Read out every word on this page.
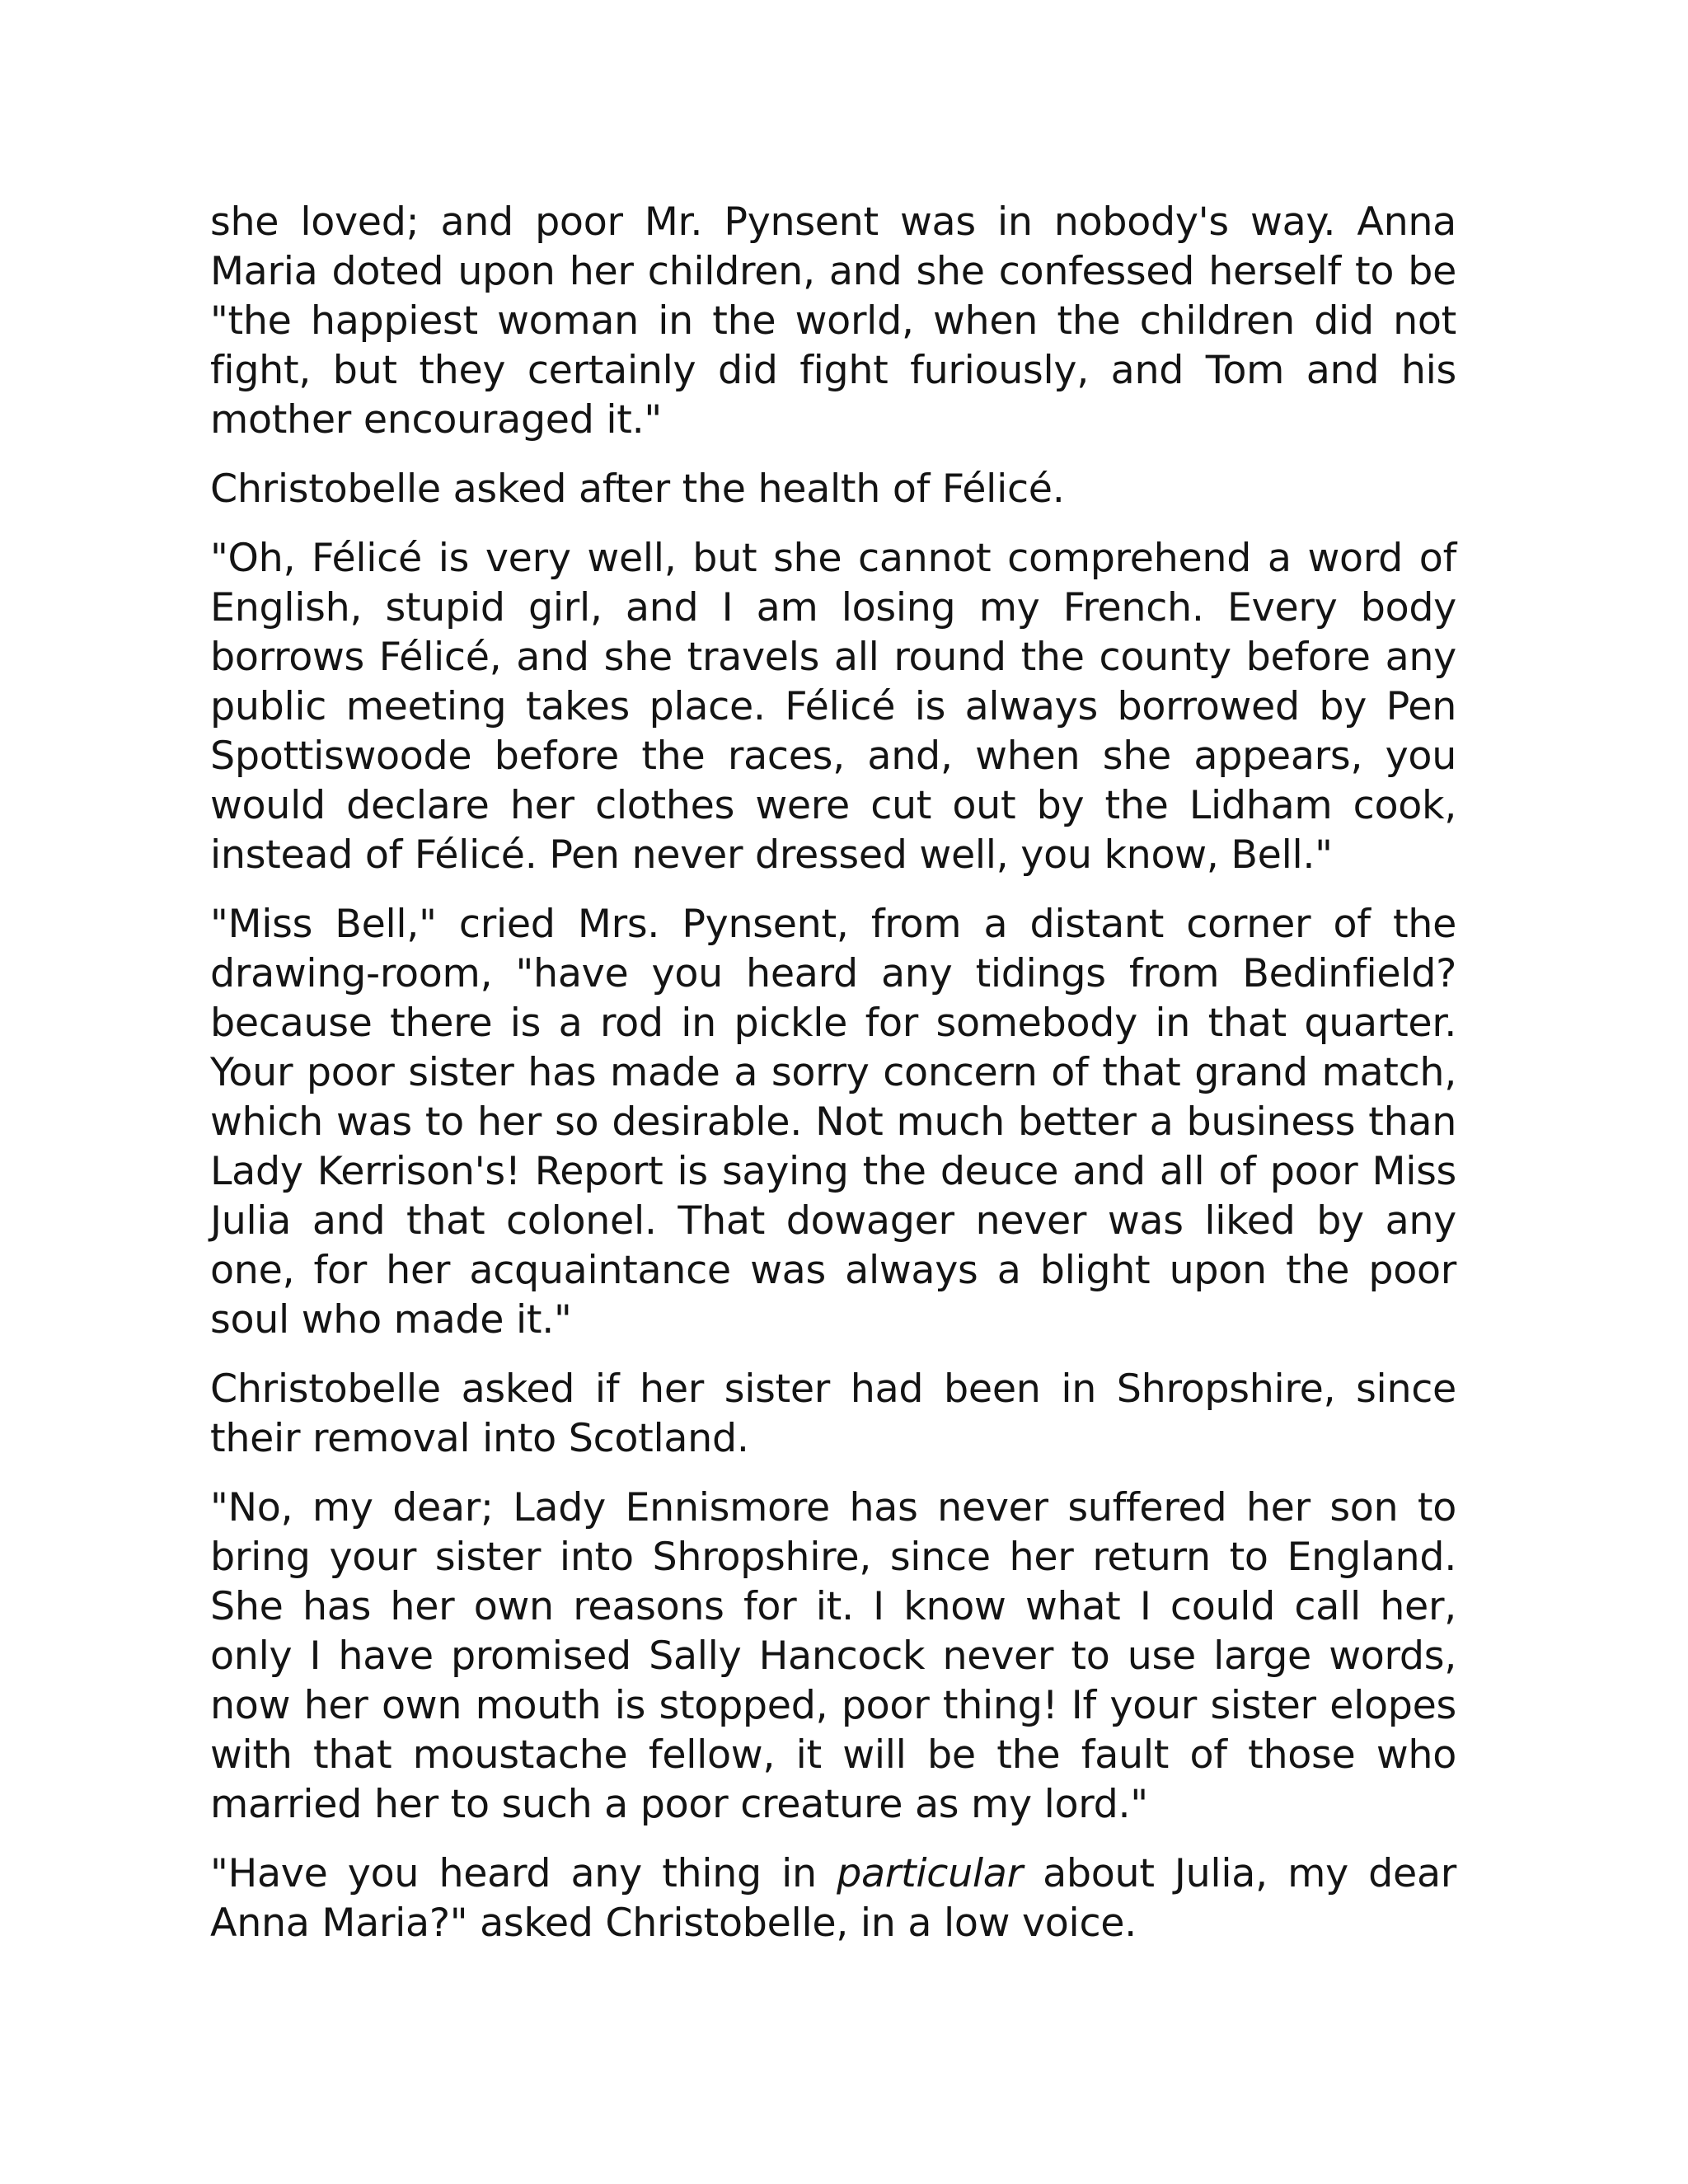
she loved; and poor Mr. Pynsent was in nobody's way. Anna Maria doted upon her children, and she confessed herself to be "the happiest woman in the world, when the children did not fight, but they certainly did fight furiously, and Tom and his mother encouraged it."

Christobelle asked after the health of Félicé.

"Oh, Félicé is very well, but she cannot comprehend a word of English, stupid girl, and I am losing my French. Every body borrows Félicé, and she travels all round the county before any public meeting takes place. Félicé is always borrowed by Pen Spottiswoode before the races, and, when she appears, you would declare her clothes were cut out by the Lidham cook, instead of Félicé. Pen never dressed well, you know, Bell."

"Miss Bell," cried Mrs. Pynsent, from a distant corner of the drawing-room, "have you heard any tidings from Bedinfield? because there is a rod in pickle for somebody in that quarter. Your poor sister has made a sorry concern of that grand match, which was to her so desirable. Not much better a business than Lady Kerrison's! Report is saying the deuce and all of poor Miss Julia and that colonel. That dowager never was liked by any one, for her acquaintance was always a blight upon the poor soul who made it."

Christobelle asked if her sister had been in Shropshire, since their removal into Scotland.

"No, my dear; Lady Ennismore has never suffered her son to bring your sister into Shropshire, since her return to England. She has her own reasons for it. I know what I could call her, only I have promised Sally Hancock never to use large words, now her own mouth is stopped, poor thing! If your sister elopes with that moustache fellow, it will be the fault of those who married her to such a poor creature as my lord."

"Have you heard any thing in particular about Julia, my dear Anna Maria?" asked Christobelle, in a low voice.
